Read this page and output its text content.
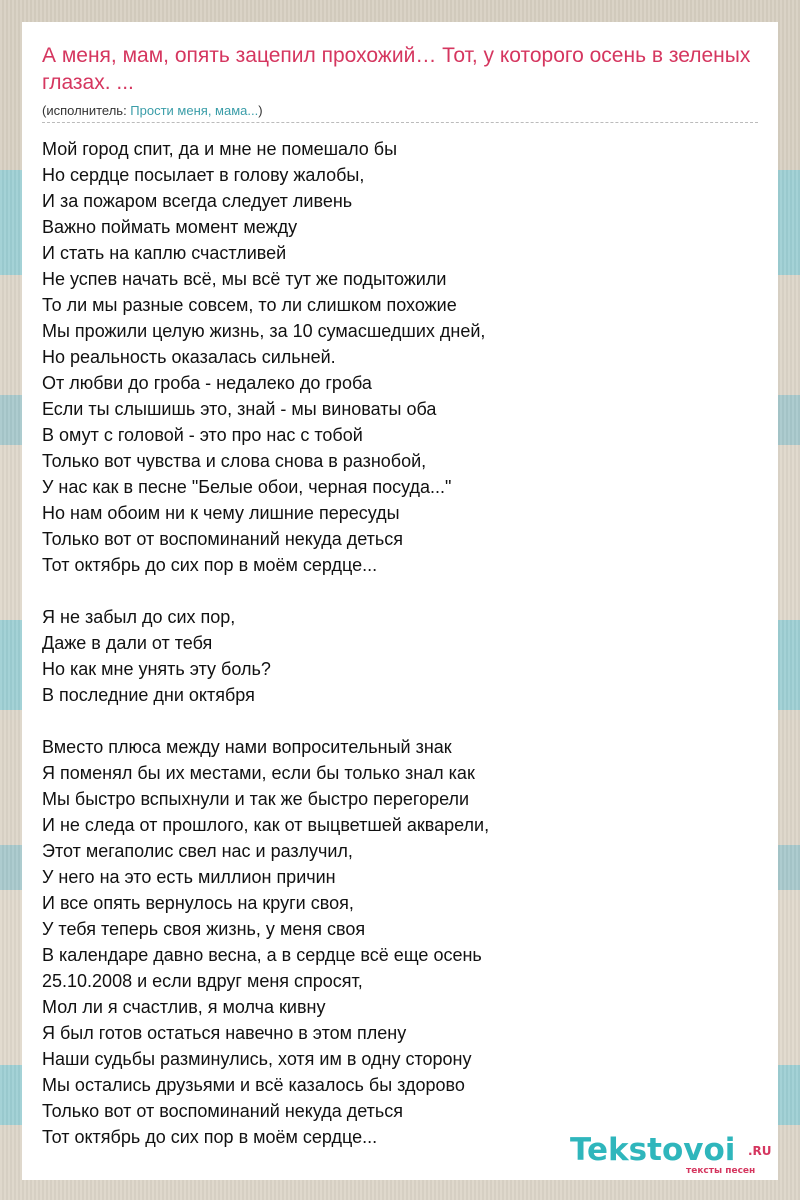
А меня, мам, опять зацепил прохожий… Тот, у которого осень в зеленых глазах. ...
(исполнитель: Прости меня, мама...)
Мой город спит, да и мне не помешало бы
Но сердце посылает в голову жалобы,
И за пожаром всегда следует ливень
Важно поймать момент между
И стать на каплю счастливей
Не успев начать всё, мы всё тут же подытожили
То ли мы разные совсем, то ли слишком похожие
Мы прожили целую жизнь, за 10 сумасшедших дней,
Но реальность оказалась сильней.
От любви до гроба - недалеко до гроба
Если ты слышишь это, знай - мы виноваты оба
В омут с головой - это про нас с тобой
Только вот чувства и слова снова в разнобой,
У нас как в песне "Белые обои, черная посуда..."
Но нам обоим ни к чему лишние пересуды
Только вот от воспоминаний некуда деться
Тот октябрь до сих пор в моём сердце...
Я не забыл до сих пор,
Даже в дали от тебя
Но как мне унять эту боль?
В последние дни октября
Вместо плюса между нами вопросительный знак
Я поменял бы их местами, если бы только знал как
Мы быстро вспыхнули и так же быстро перегорели
И не следа от прошлого, как от выцветшей акварели,
Этот мегаполис свел нас и разлучил,
У него на это есть миллион причин
И все опять вернулось на круги своя,
У тебя теперь своя жизнь, у меня своя
В календаре давно весна, а в сердце всё еще осень
25.10.2008 и если вдруг меня спросят,
Мол ли я счастлив, я молча кивну
Я был готов остаться навечно в этом плену
Наши судьбы разминулись, хотя им в одну сторону
Мы остались друзьями и всё казалось бы здорово
Только вот от воспоминаний некуда деться
Тот октябрь до сих пор в моём сердце...	Tekstovoi .RU
тексты песен
